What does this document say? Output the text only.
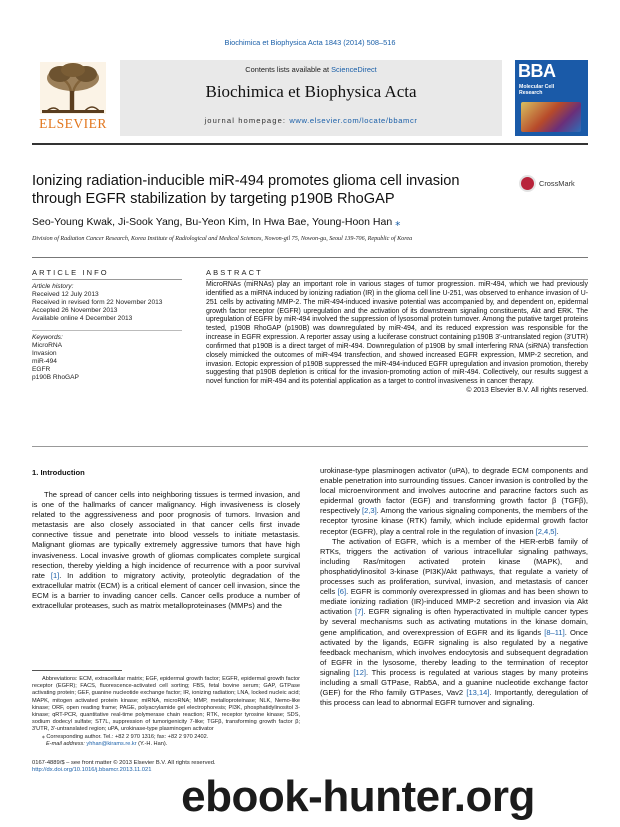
Biochimica et Biophysica Acta 1843 (2014) 508–516
ELSEVIER
Contents lists available at ScienceDirect
Biochimica et Biophysica Acta
journal homepage: www.elsevier.com/locate/bbamcr
BBA
Molecular Cell
Research
Ionizing radiation-inducible miR-494 promotes glioma cell invasion through EGFR stabilization by targeting p190B RhoGAP
CrossMark
Seo-Young Kwak, Ji-Sook Yang, Bu-Yeon Kim, In Hwa Bae, Young-Hoon Han ⁎
Division of Radiation Cancer Research, Korea Institute of Radiological and Medical Sciences, Nowon-gil 75, Nowon-gu, Seoul 139-706, Republic of Korea
ARTICLE INFO	ABSTRACT
Article history:
Received 12 July 2013
Received in revised form 22 November 2013
Accepted 26 November 2013
Available online 4 December 2013
Keywords:
MicroRNA
Invasion
miR-494
EGFR
p190B RhoGAP
MicroRNAs (miRNAs) play an important role in various stages of tumor progression. miR-494, which we had previously identified as a miRNA induced by ionizing radiation (IR) in the glioma cell line U-251, was observed to enhance invasion of U-251 cells by activating MMP-2. The miR-494-induced invasive potential was accompanied by, and dependent on, epidermal growth factor receptor (EGFR) upregulation and the activation of its downstream signaling constituents, Akt and ERK. The upregulation of EGFR by miR-494 involved the suppression of lysosomal protein turnover. Among the putative target proteins tested, p190B RhoGAP (p190B) was downregulated by miR-494, and its reduced expression was responsible for the increase in EGFR expression. A reporter assay using a luciferase construct containing p190B 3′-untranslated region (3′UTR) confirmed that p190B is a direct target of miR-494. Downregulation of p190B by small interfering RNA (siRNA) transfection closely mimicked the outcomes of miR-494 transfection, and showed increased EGFR expression, MMP-2 secretion, and invasion. Ectopic expression of p190B suppressed the miR-494-induced EGFR upregulation and invasion promotion, thereby suggesting that p190B depletion is critical for the invasion-promoting action of miR-494. Collectively, our results suggest a novel function for miR-494 and its potential application as a target to control invasiveness in cancer therapy.
© 2013 Elsevier B.V. All rights reserved.
1. Introduction

The spread of cancer cells into neighboring tissues is termed invasion, and is one of the hallmarks of cancer malignancy. High invasiveness is closely related to the aggressiveness and poor prognosis of tumors. Invasion and metastasis are also closely associated in that cancer cells first invade connective tissue and penetrate into blood vessels to initiate metastasis. Malignant gliomas are typically extremely aggressive tumors that have high invasiveness. Local invasive growth of gliomas complicates complete surgical resection, thereby yielding a high incidence of recurrence with a poor survival rate [1]. In addition to migratory activity, proteolytic degradation of the extracellular matrix (ECM) is a critical element of cancer cell invasion, since the ECM is a barrier to invading cancer cells. Cancer cells produce a number of extracellular proteases, such as matrix metalloproteinases (MMPs) and the

Abbreviations: ECM, extracellular matrix; EGF, epidermal growth factor; EGFR, epidermal growth factor receptor (EGFR); FACS, fluorescence-activated cell sorting; FBS, fetal bovine serum; GAP, GTPase activating protein; GEF, guanine nucleotide exchange factor; IR, ionizing radiation; LNA, locked nucleic acid; MAPK, mitogen activated protein kinase; miRNA, microRNA; MMP, metalloproteinase; NLK, Nemo-like kinase; ORF, open reading frame; PAGE, polyacrylamide gel electrophoresis; PI3K, phosphatidylinositol 3-kinase; qRT-PCR, quantitative real-time polymerase chain reaction; RTK, receptor tyrosine kinase; SDS, sodium dodecyl sulfate; ST7L, suppression of tumorigenicity 7-like; TGFβ, transforming growth factor β; 3′UTR, 3′-untranslated region; uPA, urokinase-type plasminogen activator
⁎ Corresponding author. Tel.: +82 2 970 1316; fax: +82 2 970 2402.
E-mail address: yhhan@kirams.re.kr (Y.-H. Han).
0167-4889/$ – see front matter © 2013 Elsevier B.V. All rights reserved.
http://dx.doi.org/10.1016/j.bbamcr.2013.11.021

urokinase-type plasminogen activator (uPA), to degrade ECM components and enable penetration into surrounding tissues. Cancer invasion is controlled by the local microenvironment and involves autocrine and paracrine factors such as epidermal growth factor (EGF) and transforming growth factor β (TGFβ), respectively [2,3]. Among the various signaling components, the members of the receptor tyrosine kinase (RTK) family, which include epidermal growth factor receptor (EGFR), play a central role in the regulation of invasion [2,4,5].

The activation of EGFR, which is a member of the HER-erbB family of RTKs, triggers the activation of various intracellular signaling pathways, including Ras/mitogen activated protein kinase (MAPK), and phosphatidylinositol 3-kinase (PI3K)/Akt pathways, that regulate a variety of processes such as proliferation, survival, invasion, and metastasis of cancer cells [6]. EGFR is commonly overexpressed in gliomas and has been shown to mediate ionizing radiation (IR)-induced MMP-2 secretion and invasion via Akt activation [7]. EGFR signaling is often hyperactivated in multiple cancer types by several mechanisms such as activating mutations in the kinase domain, gene amplification, and overexpression of EGFR and its ligands [8–11]. Once activated by the ligands, EGFR signaling is also regulated by a negative feedback mechanism, which involves endocytosis and subsequent degradation of EGFR in the lysosome, thereby leading to the termination of receptor signaling [12]. This process is regulated at various stages by many proteins including a small GTPase, Rab5A, and a guanine nucleotide exchange factor (GEF) for the Rho family GTPases, Vav2 [13,14]. Importantly, deregulation of this process can lead to abnormal EGFR turnover and signaling.

ebook-hunter.org
